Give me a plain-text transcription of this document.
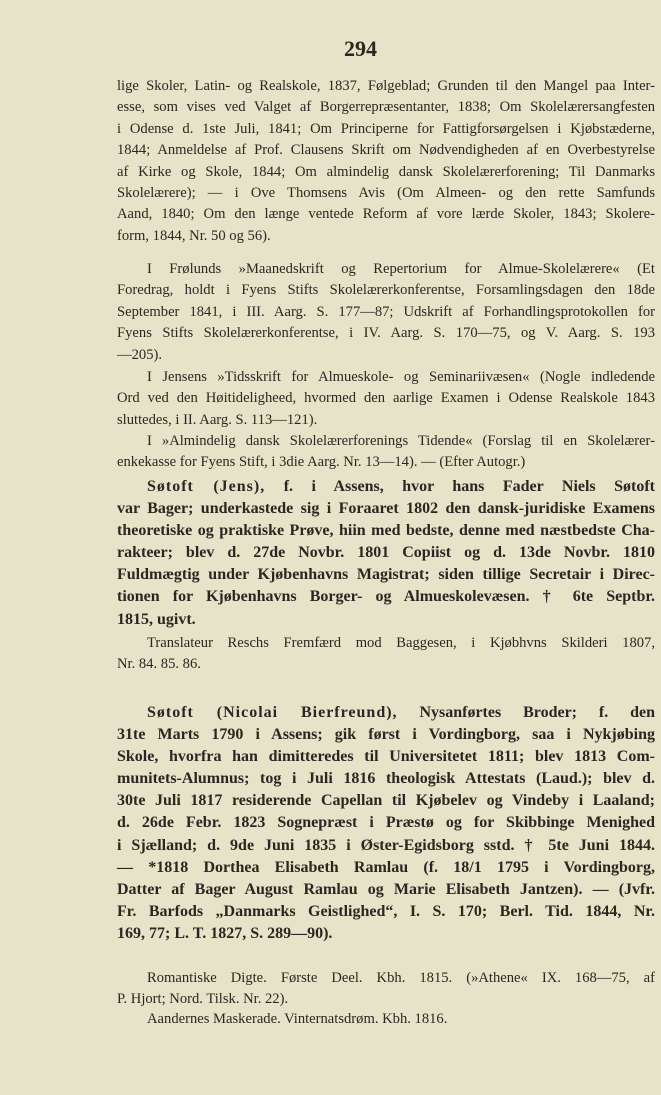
294
lige Skoler, Latin- og Realskole, 1837, Følgeblad; Grunden til den Mangel paa Inter-
esse, som vises ved Valget af Borgerrepræsentanter, 1838; Om Skolelærersangfesten
i Odense d. 1ste Juli, 1841; Om Principerne for Fattigforsørgelsen i Kjøbstæderne,
1844; Anmeldelse af Prof. Clausens Skrift om Nødvendigheden af en Overbestyrelse
af Kirke og Skole, 1844; Om almindelig dansk Skolelærerforening; Til Danmarks
Skolelærere); — i Ove Thomsens Avis (Om Almeen- og den rette Samfunds
Aand, 1840; Om den længe ventede Reform af vore lærde Skoler, 1843; Skolere-
form, 1844, Nr. 50 og 56).
I Frølunds »Maanedskrift og Repertorium for Almue-Skolelærere« (Et
Foredrag, holdt i Fyens Stifts Skolelærerkonferentse, Forsamlingsdagen den 18de
September 1841, i III. Aarg. S. 177—87; Udskrift af Forhandlingsprotokollen for
Fyens Stifts Skolelærerkonferentse, i IV. Aarg. S. 170—75, og V. Aarg. S. 193
—205).
I Jensens »Tidsskrift for Almueskole- og Seminariivæsen« (Nogle indledende
Ord ved den Høitideligheed, hvormed den aarlige Examen i Odense Realskole 1843
sluttedes, i II. Aarg. S. 113—121).
I »Almindelig dansk Skolelærerforenings Tidende« (Forslag til en Skolelærer-
enkekasse for Fyens Stift, i 3die Aarg. Nr. 13—14). — (Efter Autogr.)
Søtoft (Jens), f. i Assens, hvor hans Fader Niels Søtoft
var Bager; underkastede sig i Foraaret 1802 den dansk-juridiske Examens
theoretiske og praktiske Prøve, hiin med bedste, denne med næstbedste Cha-
rakteer; blev d. 27de Novbr. 1801 Copiist og d. 13de Novbr. 1810
Fuldmægtig under Kjøbenhavns Magistrat; siden tillige Secretair i Direc-
tionen for Kjøbenhavns Borger- og Almueskolevæsen. † 6te Septbr.
1815, ugivt.
Translateur Reschs Fremfærd mod Baggesen, i Kjøbhvns Skilderi 1807,
Nr. 84. 85. 86.
Søtoft (Nicolai Bierfreund), Nysanførtes Broder; f. den
31te Marts 1790 i Assens; gik først i Vordingborg, saa i Nykjøbing
Skole, hvorfra han dimitteredes til Universitetet 1811; blev 1813 Com-
munitets-Alumnus; tog i Juli 1816 theologisk Attestats (Laud.); blev d.
30te Juli 1817 residerende Capellan til Kjøbelev og Vindeby i Laaland;
d. 26de Febr. 1823 Sognepræst i Præstø og for Skibbinge Menighed
i Sjælland; d. 9de Juni 1835 i Øster-Egidsborg sstd. † 5te Juni 1844.
— *1818 Dorthea Elisabeth Ramlau (f. 18/1 1795 i Vordingborg,
Datter af Bager August Ramlau og Marie Elisabeth Jantzen). — (Jvfr.
Fr. Barfods „Danmarks Geistlighed“, I. S. 170; Berl. Tid. 1844, Nr.
169, 77; L. T. 1827, S. 289—90).
Romantiske Digte. Første Deel. Kbh. 1815. (»Athene« IX. 168—75, af
P. Hjort; Nord. Tilsk. Nr. 22).
Aandernes Maskerade. Vinternatsdrøm. Kbh. 1816.
